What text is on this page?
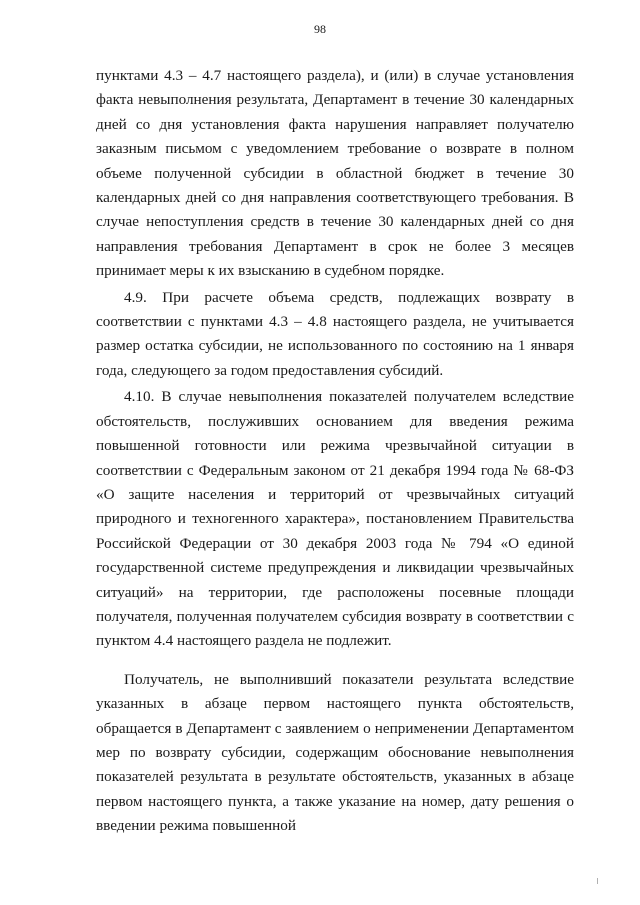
98

пунктами 4.3 – 4.7 настоящего раздела), и (или) в случае установления факта невыполнения результата, Департамент в течение 30 календарных дней со дня установления факта нарушения направляет получателю заказным письмом с уведомлением требование о возврате в полном объеме полученной субсидии в областной бюджет в течение 30 календарных дней со дня направления соответствующего требования. В случае непоступления средств в течение 30 календарных дней со дня направления требования Департамент в срок не более 3 месяцев принимает меры к их взысканию в судебном порядке.

4.9. При расчете объема средств, подлежащих возврату в соответствии с пунктами 4.3 – 4.8 настоящего раздела, не учитывается размер остатка субсидии, не использованного по состоянию на 1 января года, следующего за годом предоставления субсидий.

4.10. В случае невыполнения показателей получателем вследствие обстоятельств, послуживших основанием для введения режима повышенной готовности или режима чрезвычайной ситуации в соответствии с Федеральным законом от 21 декабря 1994 года № 68-ФЗ «О защите населения и территорий от чрезвычайных ситуаций природного и техногенного характера», постановлением Правительства Российской Федерации от 30 декабря 2003 года № 794 «О единой государственной системе предупреждения и ликвидации чрезвычайных ситуаций» на территории, где расположены посевные площади получателя, полученная получателем субсидия возврату в соответствии с пунктом 4.4 настоящего раздела не подлежит.

Получатель, не выполнивший показатели результата вследствие указанных в абзаце первом настоящего пункта обстоятельств, обращается в Департамент с заявлением о неприменении Департаментом мер по возврату субсидии, содержащим обоснование невыполнения показателей результата в результате обстоятельств, указанных в абзаце первом настоящего пункта, а также указание на номер, дату решения о введении режима повышенной
